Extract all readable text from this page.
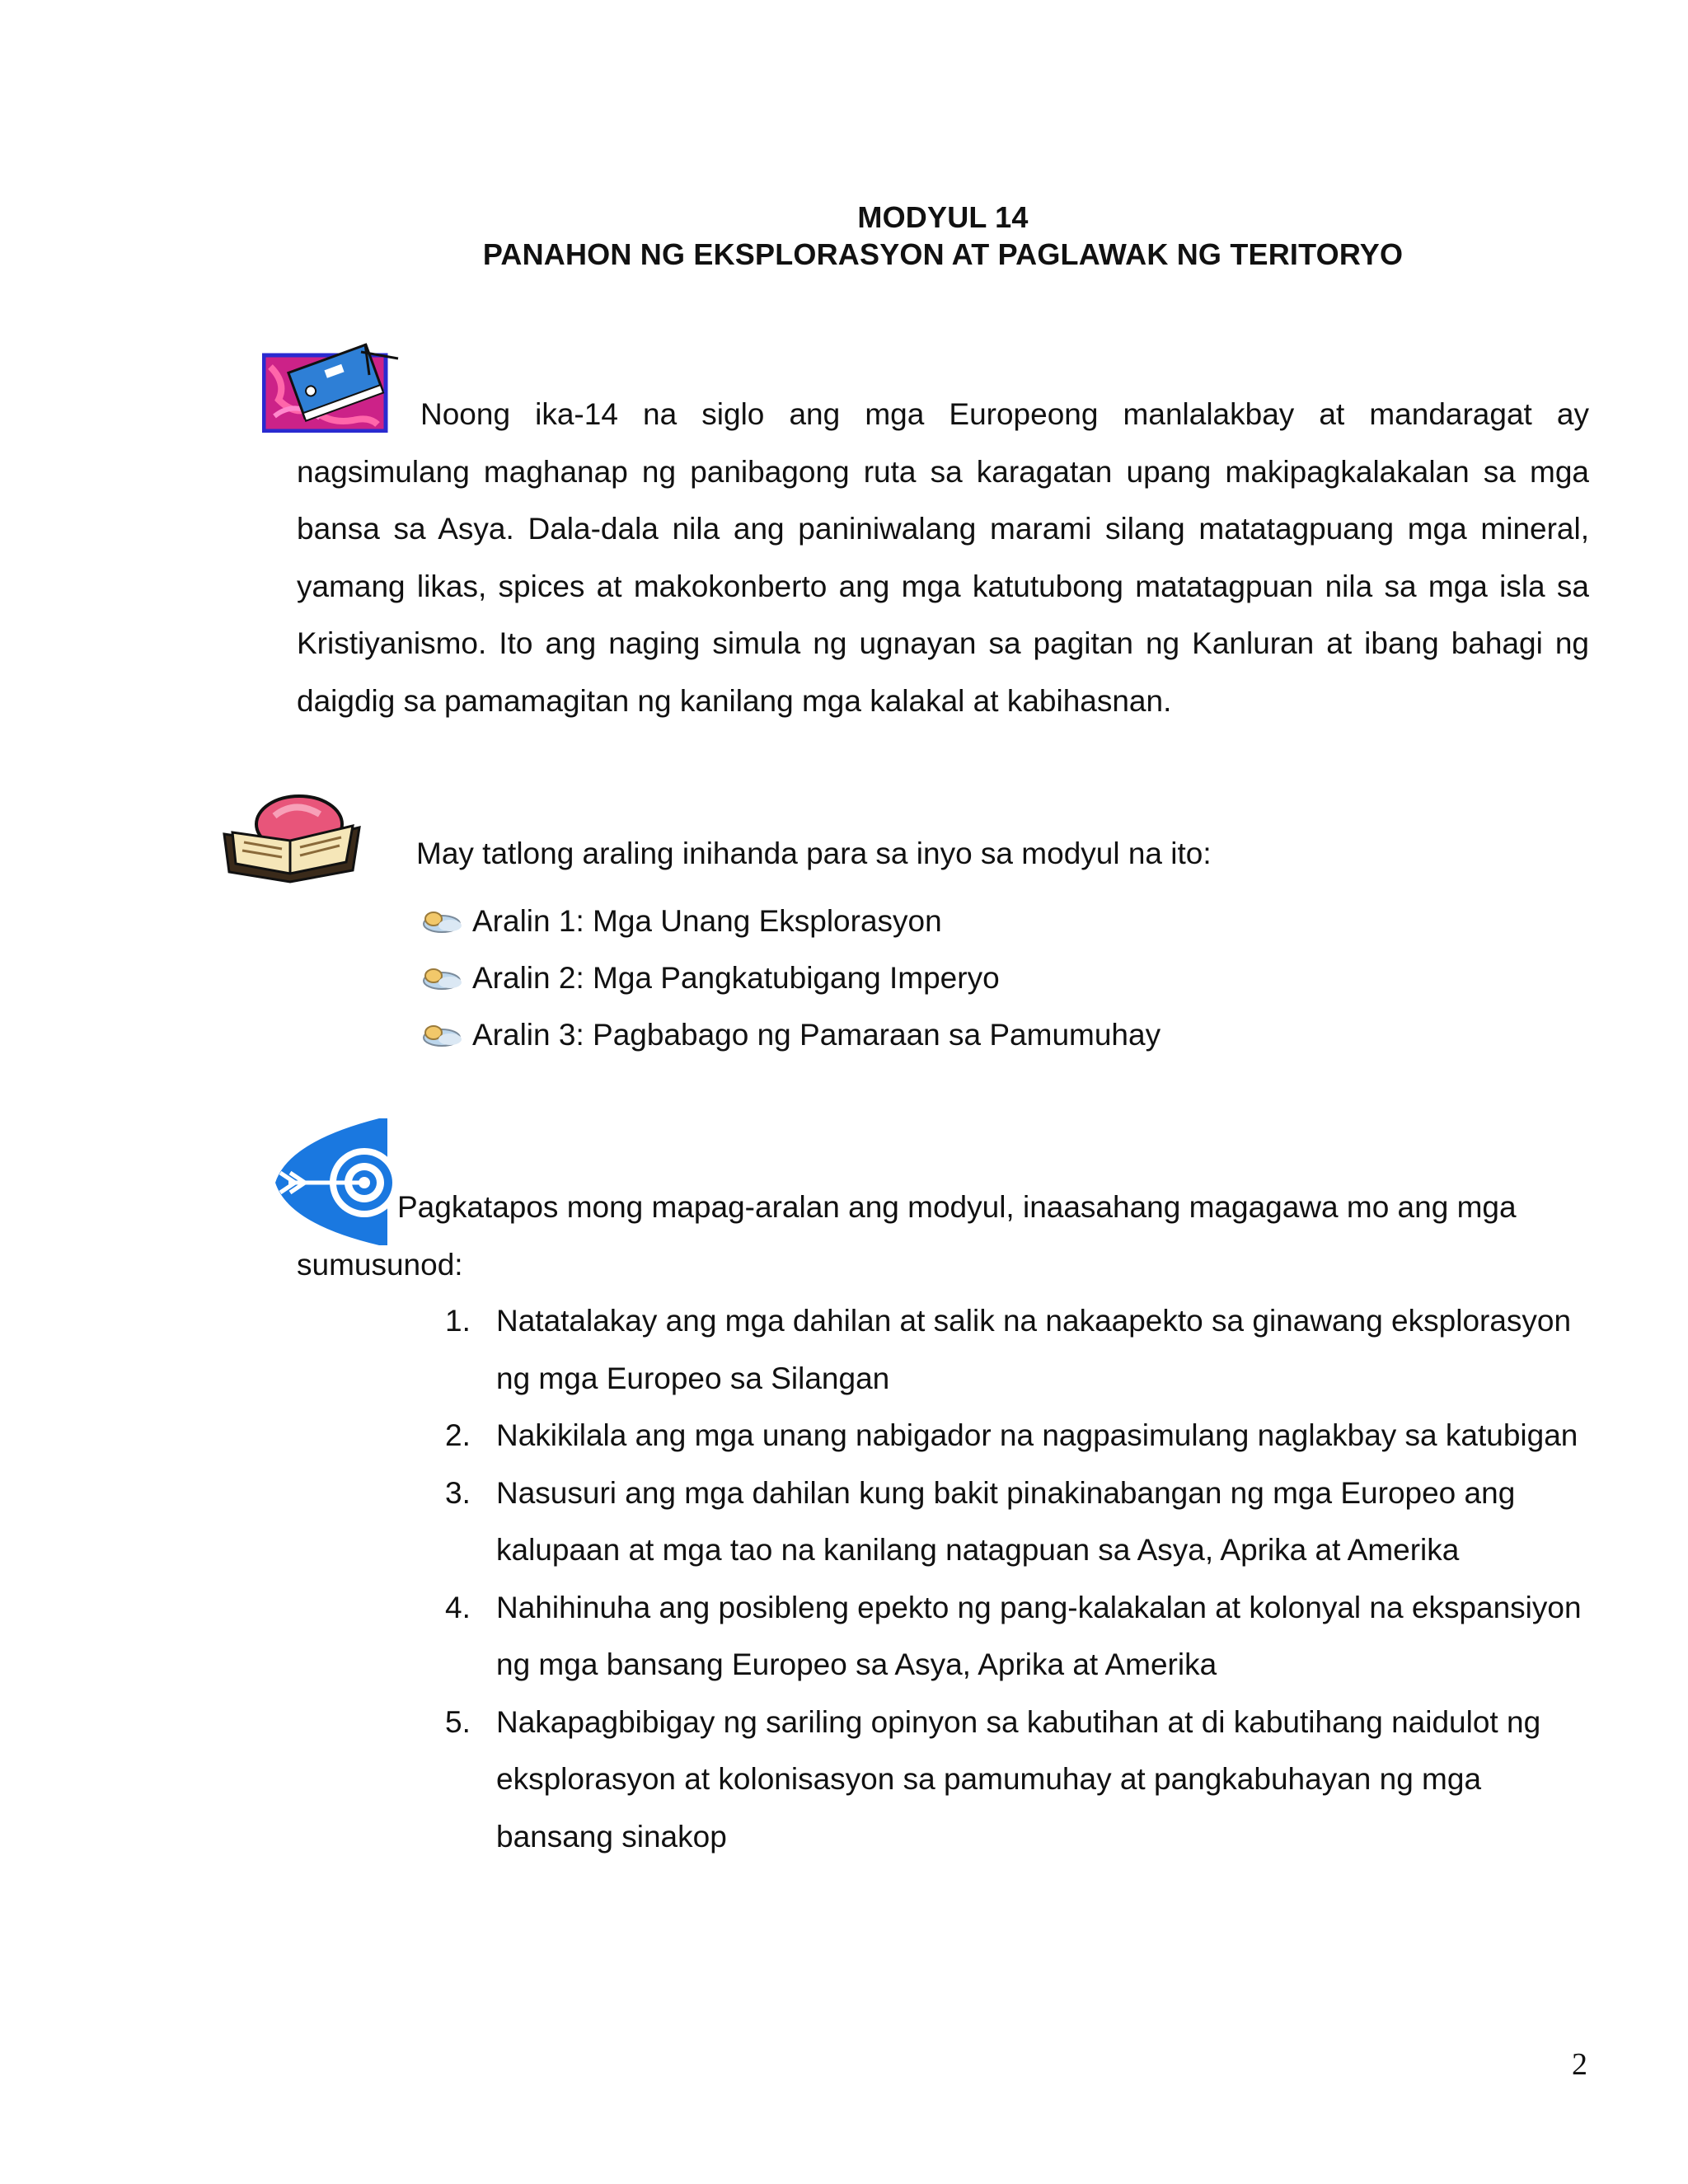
MODYUL 14
PANAHON NG EKSPLORASYON AT PAGLAWAK NG TERITORYO
Noong ika-14 na siglo ang mga Europeong manlalakbay at mandaragat ay nagsimulang maghanap ng panibagong ruta sa karagatan upang makipagkalakalan sa mga bansa sa Asya. Dala-dala nila ang paniniwalang marami silang matatagpuang mga mineral, yamang likas, spices at makokonberto ang mga katutubong matatagpuan nila sa mga isla sa Kristiyanismo. Ito ang naging simula ng ugnayan sa pagitan ng Kanluran at ibang bahagi ng daigdig sa pamamagitan ng kanilang mga kalakal at kabihasnan.
May tatlong araling inihanda para sa inyo sa modyul na ito:
Aralin 1: Mga Unang Eksplorasyon
Aralin 2: Mga Pangkatubigang Imperyo
Aralin 3: Pagbabago ng Pamaraan sa Pamumuhay
Pagkatapos mong mapag-aralan ang modyul, inaasahang magagawa mo ang mga sumusunod:
1. Natatalakay ang mga dahilan at salik na nakaapekto sa ginawang eksplorasyon ng mga Europeo sa Silangan
2. Nakikilala ang mga unang nabigador na nagpasimulang naglakbay sa katubigan
3. Nasusuri ang mga dahilan kung bakit pinakinabangan ng mga Europeo ang kalupaan at mga tao na kanilang natagpuan sa Asya, Aprika at Amerika
4. Nahihinuha ang posibleng epekto ng pang-kalakalan at kolonyal na ekspansiyon ng mga bansang Europeo sa Asya, Aprika at Amerika
5. Nakapagbibigay ng sariling opinyon sa kabutihan at di kabutihang naidulot ng eksplorasyon at kolonisasyon sa pamumuhay at pangkabuhayan ng mga bansang sinakop
2
